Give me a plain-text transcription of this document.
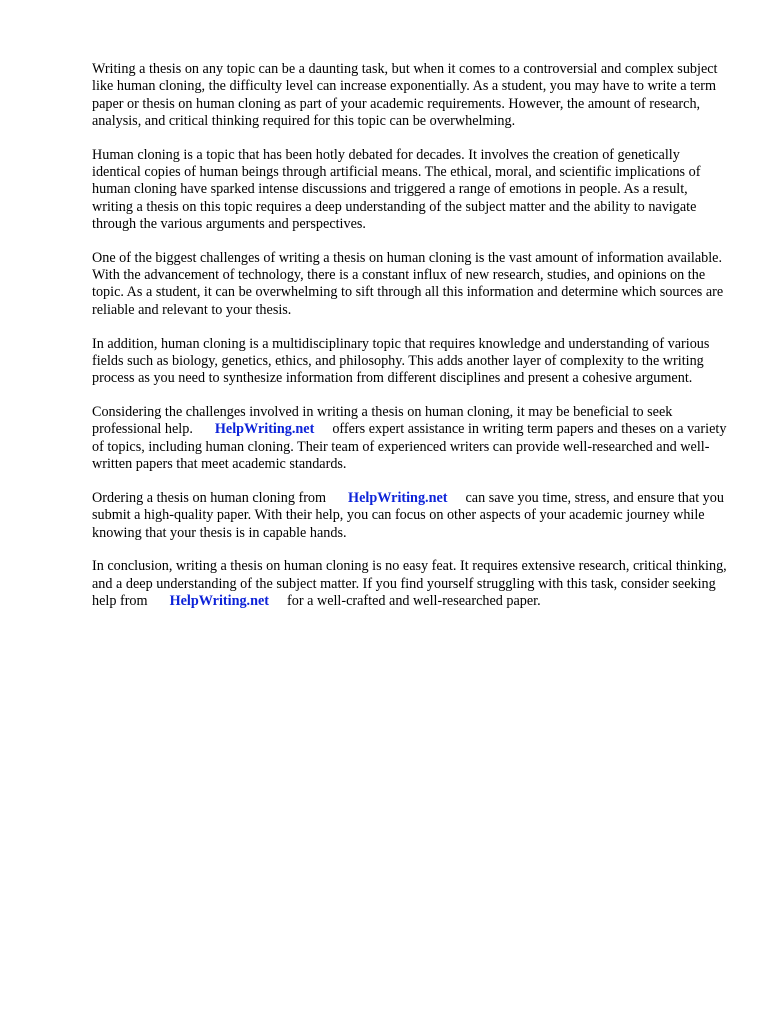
Writing a thesis on any topic can be a daunting task, but when it comes to a controversial and complex subject like human cloning, the difficulty level can increase exponentially. As a student, you may have to write a term paper or thesis on human cloning as part of your academic requirements. However, the amount of research, analysis, and critical thinking required for this topic can be overwhelming.

Human cloning is a topic that has been hotly debated for decades. It involves the creation of genetically identical copies of human beings through artificial means. The ethical, moral, and scientific implications of human cloning have sparked intense discussions and triggered a range of emotions in people. As a result, writing a thesis on this topic requires a deep understanding of the subject matter and the ability to navigate through the various arguments and perspectives.

One of the biggest challenges of writing a thesis on human cloning is the vast amount of information available. With the advancement of technology, there is a constant influx of new research, studies, and opinions on the topic. As a student, it can be overwhelming to sift through all this information and determine which sources are reliable and relevant to your thesis.

In addition, human cloning is a multidisciplinary topic that requires knowledge and understanding of various fields such as biology, genetics, ethics, and philosophy. This adds another layer of complexity to the writing process as you need to synthesize information from different disciplines and present a cohesive argument.

Considering the challenges involved in writing a thesis on human cloning, it may be beneficial to seek professional help. HelpWriting.net offers expert assistance in writing term papers and theses on a variety of topics, including human cloning. Their team of experienced writers can provide well-researched and well-written papers that meet academic standards.

Ordering a thesis on human cloning from HelpWriting.net can save you time, stress, and ensure that you submit a high-quality paper. With their help, you can focus on other aspects of your academic journey while knowing that your thesis is in capable hands.

In conclusion, writing a thesis on human cloning is no easy feat. It requires extensive research, critical thinking, and a deep understanding of the subject matter. If you find yourself struggling with this task, consider seeking help from HelpWriting.net for a well-crafted and well-researched paper.
